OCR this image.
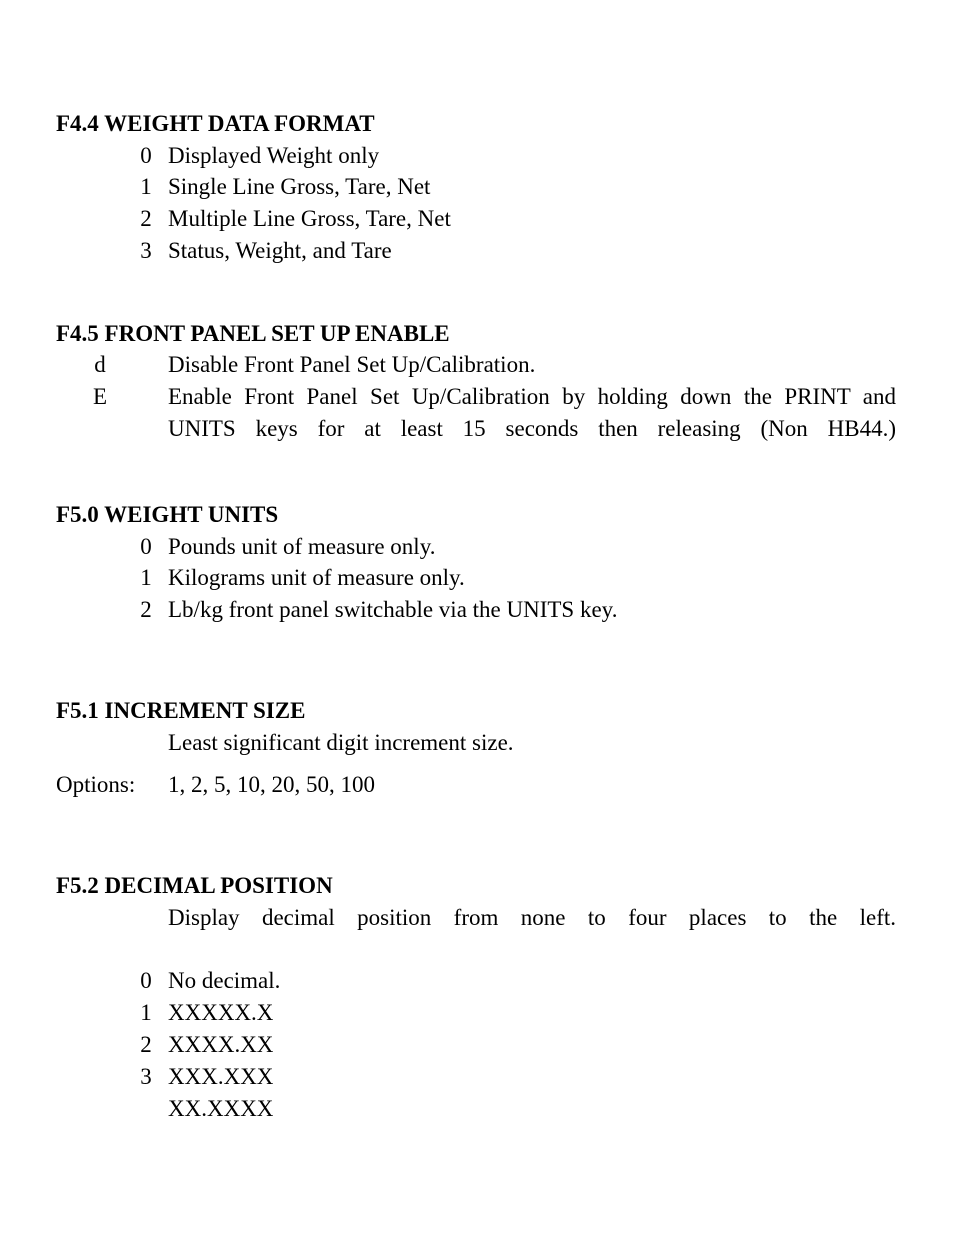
F4.4 WEIGHT DATA FORMAT
0 Displayed Weight only
1 Single Line Gross, Tare, Net
2 Multiple Line Gross, Tare, Net
3 Status, Weight, and Tare
F4.5 FRONT PANEL SET UP ENABLE
d	Disable Front Panel Set Up/Calibration.
E	Enable Front Panel Set Up/Calibration by holding down the PRINT and
UNITS keys for at least 15 seconds then releasing (Non HB44.)
F5.0 WEIGHT UNITS
0 Pounds unit of measure only.
1 Kilograms unit of measure only.
2 Lb/kg front panel switchable via the UNITS key.
F5.1 INCREMENT SIZE
Least significant digit increment size.
Options: 1, 2, 5, 10, 20, 50, 100
F5.2 DECIMAL POSITION
Display decimal position from none to four places to the left.
0 No decimal.
1 XXXXX.X
2 XXXX.XX
3 XXX.XXX
XX.XXXX
